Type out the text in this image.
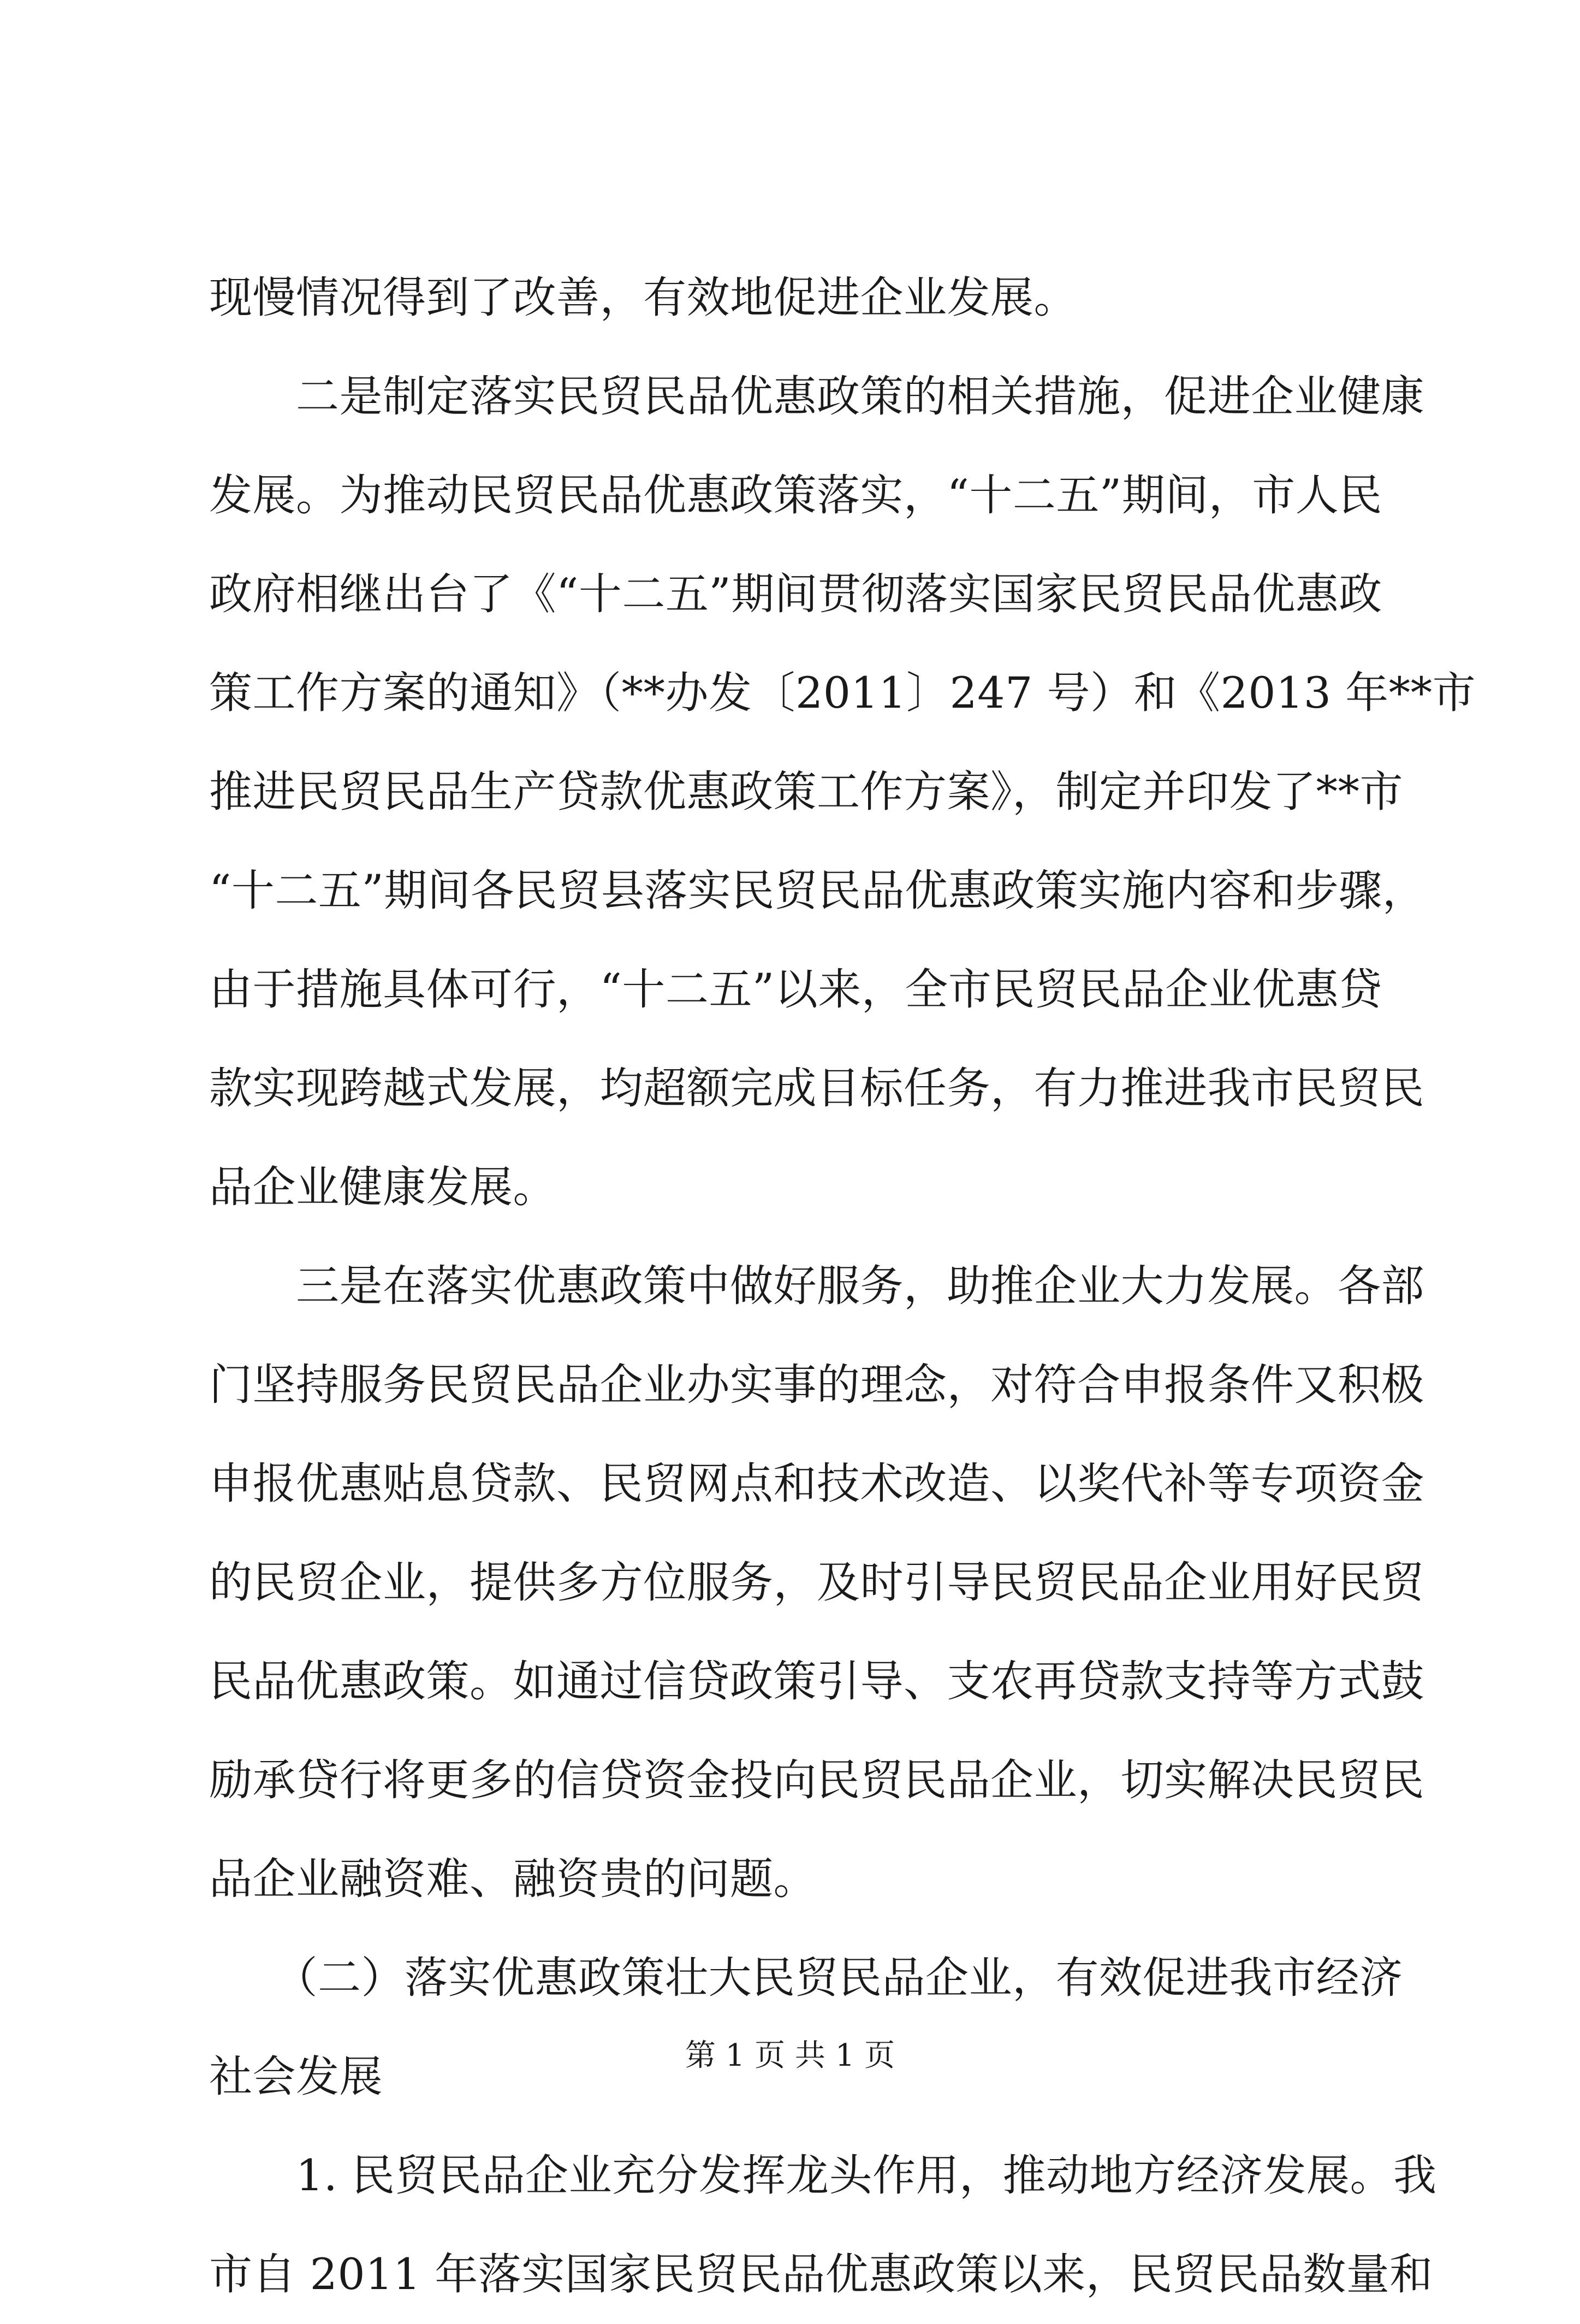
现慢情况得到了改善，有效地促进企业发展。
　　二是制定落实民贸民品优惠政策的相关措施，促进企业健康
发展。为推动民贸民品优惠政策落实，“十二五”期间，市人民
政府相继出台了《“十二五”期间贯彻落实国家民贸民品优惠政
策工作方案的通知》（**办发〔2011〕247 号）和《2013 年**市
推进民贸民品生产贷款优惠政策工作方案》，制定并印发了**市
“十二五”期间各民贸县落实民贸民品优惠政策实施内容和步骤，
由于措施具体可行，“十二五”以来，全市民贸民品企业优惠贷
款实现跨越式发展，均超额完成目标任务，有力推进我市民贸民
品企业健康发展。
　　三是在落实优惠政策中做好服务，助推企业大力发展。各部
门坚持服务民贸民品企业办实事的理念，对符合申报条件又积极
申报优惠贴息贷款、民贸网点和技术改造、以奖代补等专项资金
的民贸企业，提供多方位服务，及时引导民贸民品企业用好民贸
民品优惠政策。如通过信贷政策引导、支农再贷款支持等方式鼓
励承贷行将更多的信贷资金投向民贸民品企业，切实解决民贸民
品企业融资难、融资贵的问题。
　　（二）落实优惠政策壮大民贸民品企业，有效促进我市经济
社会发展
　　1. 民贸民品企业充分发挥龙头作用，推动地方经济发展。我
市自 2011 年落实国家民贸民品优惠政策以来，民贸民品数量和
第 1 页 共 1 页
